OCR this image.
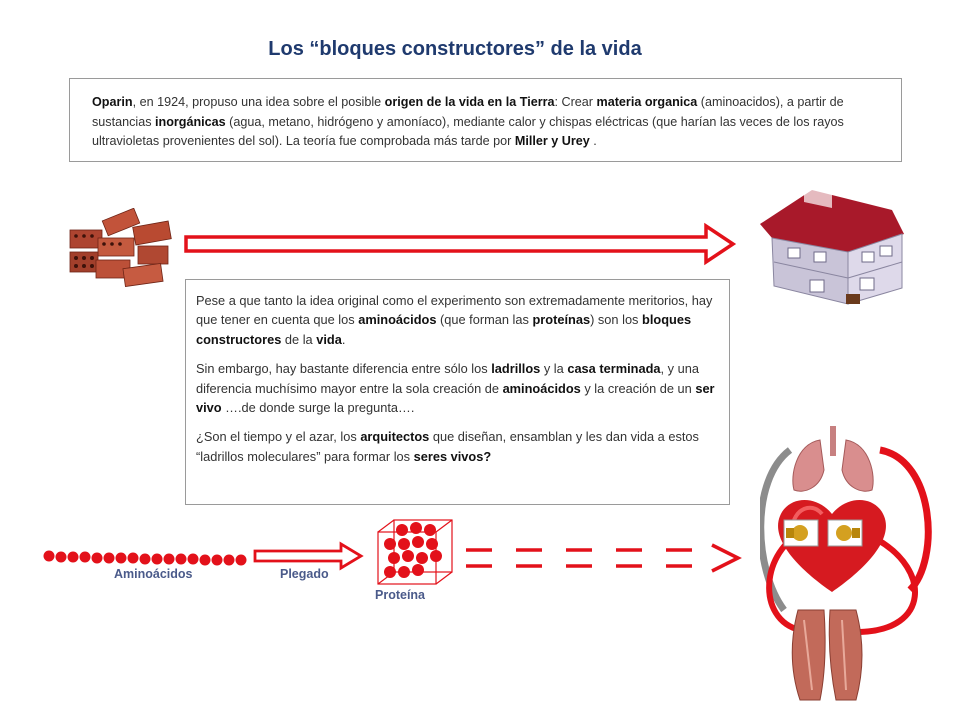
Los “bloques constructores” de la vida
Oparin, en 1924, propuso una idea sobre el posible origen de la vida en la Tierra: Crear materia organica (aminoacidos), a partir de sustancias inorgánicas (agua, metano, hidrógeno y amoníaco), mediante calor y chispas eléctricas (que harían las veces de los rayos ultravioletas provenientes del sol). La teoría fue comprobada más tarde por Miller y Urey .

Pese a que tanto la idea original como el experimento son extremadamente meritorios, hay que tener en cuenta que los aminoácidos (que forman las proteínas) son los bloques constructores de la vida.

Sin embargo, hay bastante diferencia entre sólo los ladrillos y la casa terminada, y una diferencia muchísimo mayor entre la sola creación de aminoácidos y la creación de un ser vivo ….de donde surge la pregunta….

¿Son el tiempo y el azar, los arquitectos que diseñan, ensamblan y les dan vida a estos “ladrillos moleculares” para formar los seres vivos?

Aminoácidos	Plegado
Proteína
